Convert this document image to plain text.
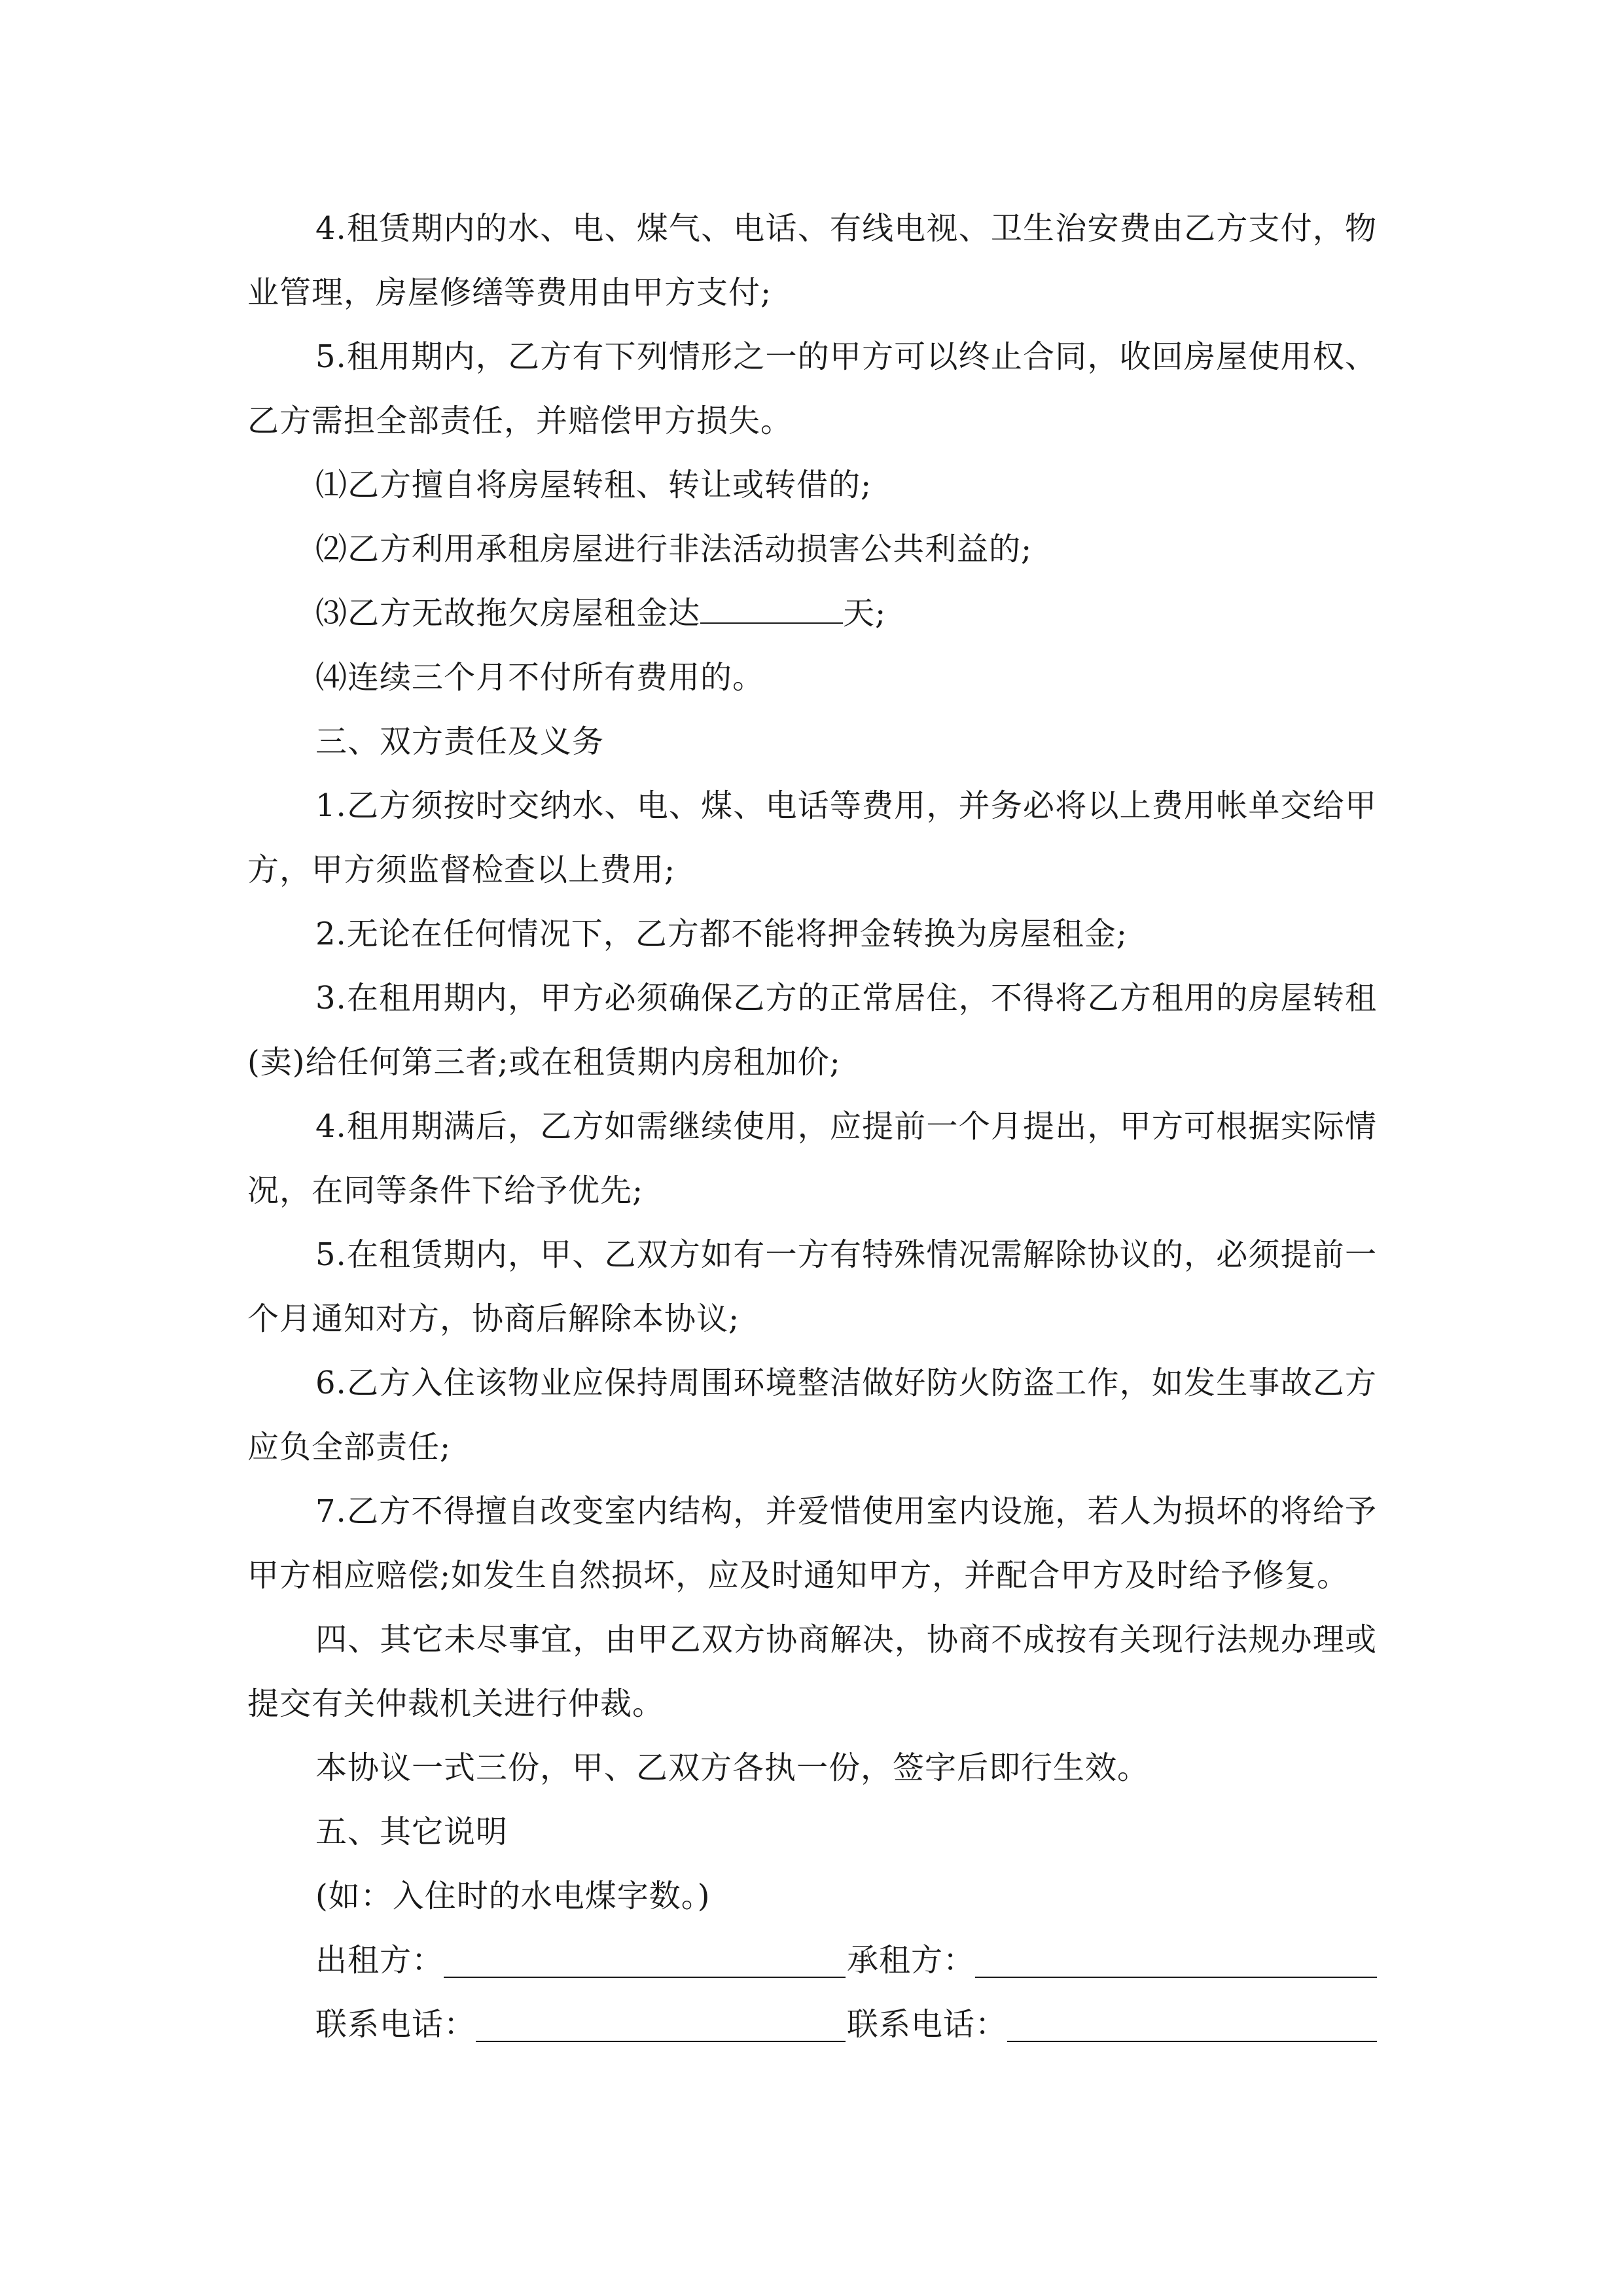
4.租赁期内的水、电、煤气、电话、有线电视、卫生治安费由乙方支付，物业管理，房屋修缮等费用由甲方支付;

5.租用期内，乙方有下列情形之一的甲方可以终止合同，收回房屋使用权、乙方需担全部责任，并赔偿甲方损失。

⑴乙方擅自将房屋转租、转让或转借的;

⑵乙方利用承租房屋进行非法活动损害公共利益的;

⑶乙方无故拖欠房屋租金达	天;

⑷连续三个月不付所有费用的。

三、双方责任及义务

1.乙方须按时交纳水、电、煤、电话等费用，并务必将以上费用帐单交给甲方，甲方须监督检查以上费用;

2.无论在任何情况下，乙方都不能将押金转换为房屋租金;

3.在租用期内，甲方必须确保乙方的正常居住，不得将乙方租用的房屋转租(卖)给任何第三者;或在租赁期内房租加价;

4.租用期满后，乙方如需继续使用，应提前一个月提出，甲方可根据实际情况，在同等条件下给予优先;

5.在租赁期内，甲、乙双方如有一方有特殊情况需解除协议的，必须提前一个月通知对方，协商后解除本协议;

6.乙方入住该物业应保持周围环境整洁做好防火防盗工作，如发生事故乙方应负全部责任;

7.乙方不得擅自改变室内结构，并爱惜使用室内设施，若人为损坏的将给予甲方相应赔偿;如发生自然损坏，应及时通知甲方，并配合甲方及时给予修复。

四、其它未尽事宜，由甲乙双方协商解决，协商不成按有关现行法规办理或提交有关仲裁机关进行仲裁。

本协议一式三份，甲、乙双方各执一份，签字后即行生效。

五、其它说明

(如：入住时的水电煤字数。)

出租方：	承租方：
联系电话：	联系电话：
